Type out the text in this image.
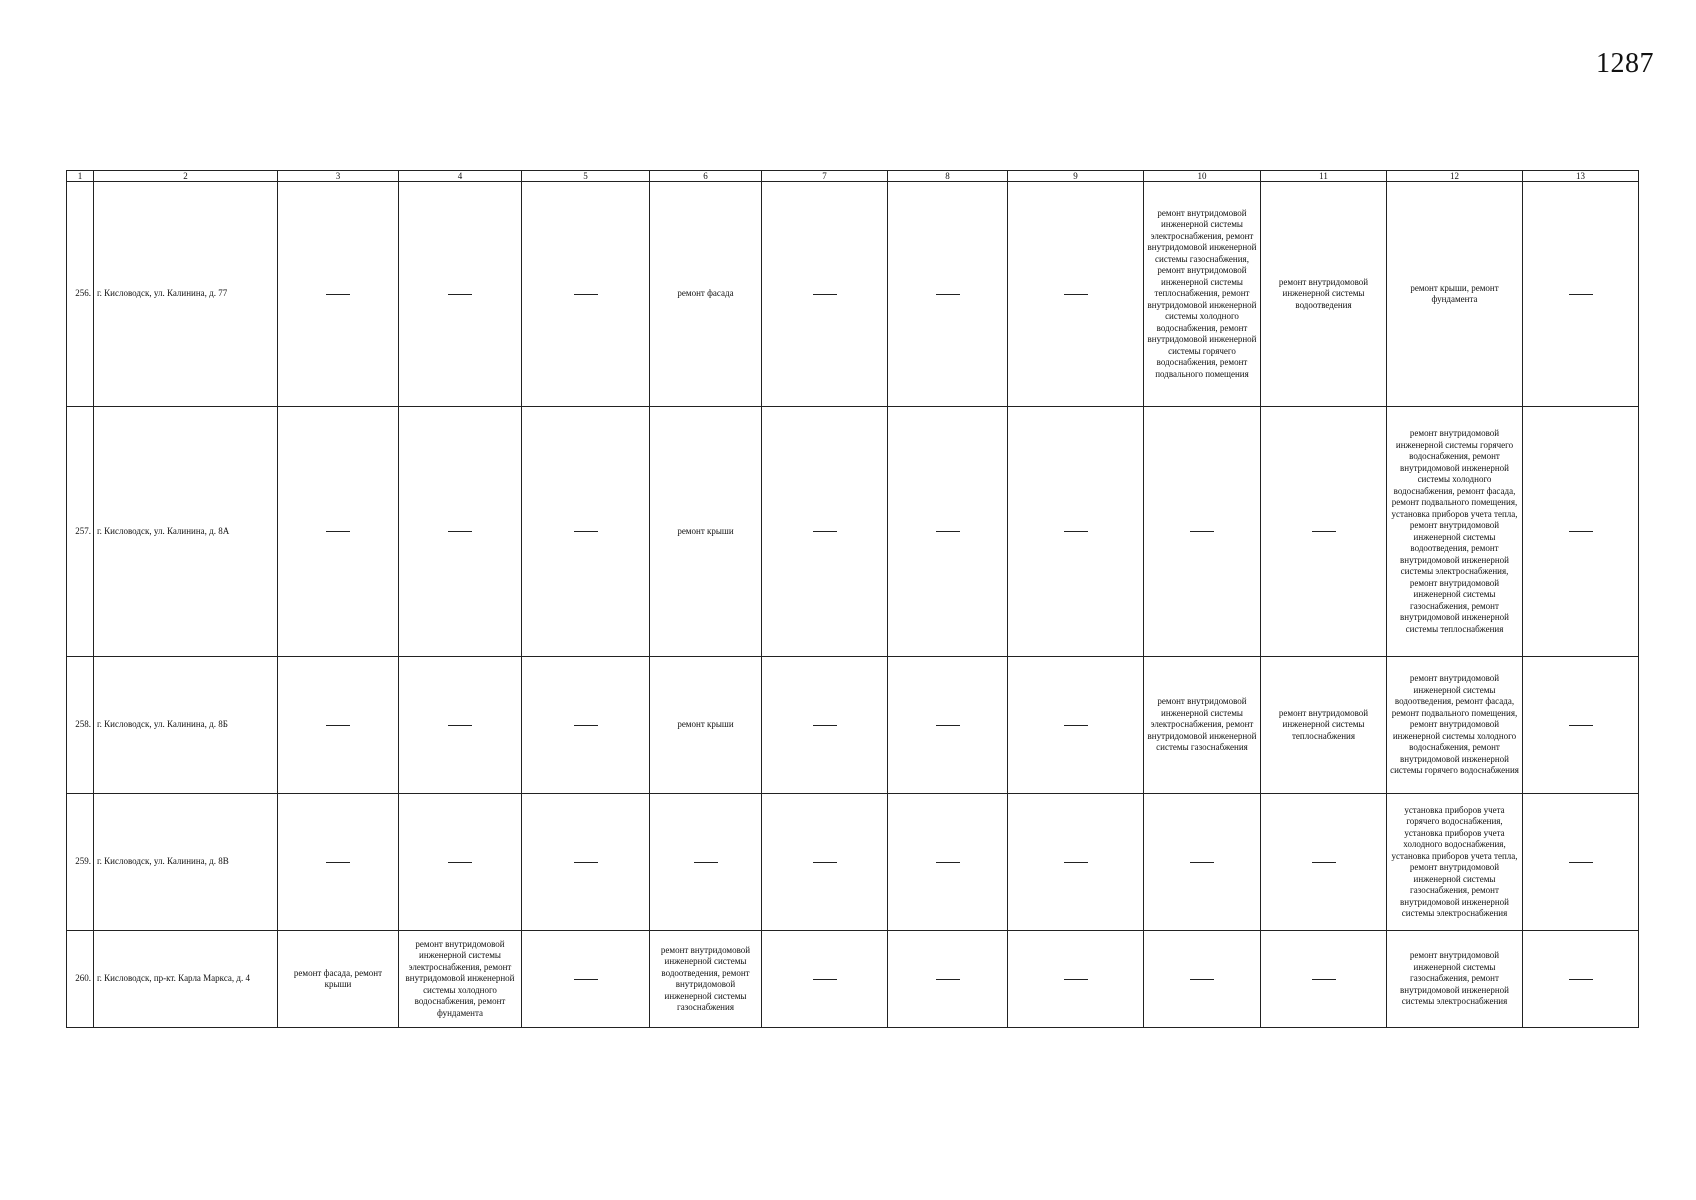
1287
1	2	3	4	5	6	7	8	9	10	11	12	13
256.	г. Кисловодск, ул. Калинина, д. 77				ремонт фасада				ремонт внутридомовой инженерной системы электроснабжения, ремонт внутридомовой инженерной системы газоснабжения, ремонт внутридомовой инженерной системы теплоснабжения, ремонт внутридомовой инженерной системы холодного водоснабжения, ремонт внутридомовой инженерной системы горячего водоснабжения, ремонт подвального помещения	ремонт внутридомовой инженерной системы водоотведения	ремонт крыши, ремонт фундамента	
257.	г. Кисловодск, ул. Калинина, д. 8А				ремонт крыши						ремонт внутридомовой инженерной системы горячего водоснабжения, ремонт внутридомовой инженерной системы холодного водоснабжения, ремонт фасада, ремонт подвального помещения, установка приборов учета тепла, ремонт внутридомовой инженерной системы водоотведения, ремонт внутридомовой инженерной системы электроснабжения, ремонт внутридомовой инженерной системы газоснабжения, ремонт внутридомовой инженерной системы теплоснабжения	
258.	г. Кисловодск, ул. Калинина, д. 8Б				ремонт крыши				ремонт внутридомовой инженерной системы электроснабжения, ремонт внутридомовой инженерной системы газоснабжения	ремонт внутридомовой инженерной системы теплоснабжения	ремонт внутридомовой инженерной системы водоотведения, ремонт фасада, ремонт подвального помещения, ремонт внутридомовой инженерной системы холодного водоснабжения, ремонт внутридомовой инженерной системы горячего водоснабжения	
259.	г. Кисловодск, ул. Калинина, д. 8В										установка приборов учета горячего водоснабжения, установка приборов учета холодного водоснабжения, установка приборов учета тепла, ремонт внутридомовой инженерной системы газоснабжения, ремонт внутридомовой инженерной системы электроснабжения	
260.	г. Кисловодск, пр-кт. Карла Маркса, д. 4	ремонт фасада, ремонт крыши	ремонт внутридомовой инженерной системы электроснабжения, ремонт внутридомовой инженерной системы холодного водоснабжения, ремонт фундамента		ремонт внутридомовой инженерной системы водоотведения, ремонт внутридомовой инженерной системы газоснабжения						ремонт внутридомовой инженерной системы газоснабжения, ремонт внутридомовой инженерной системы электроснабжения	
